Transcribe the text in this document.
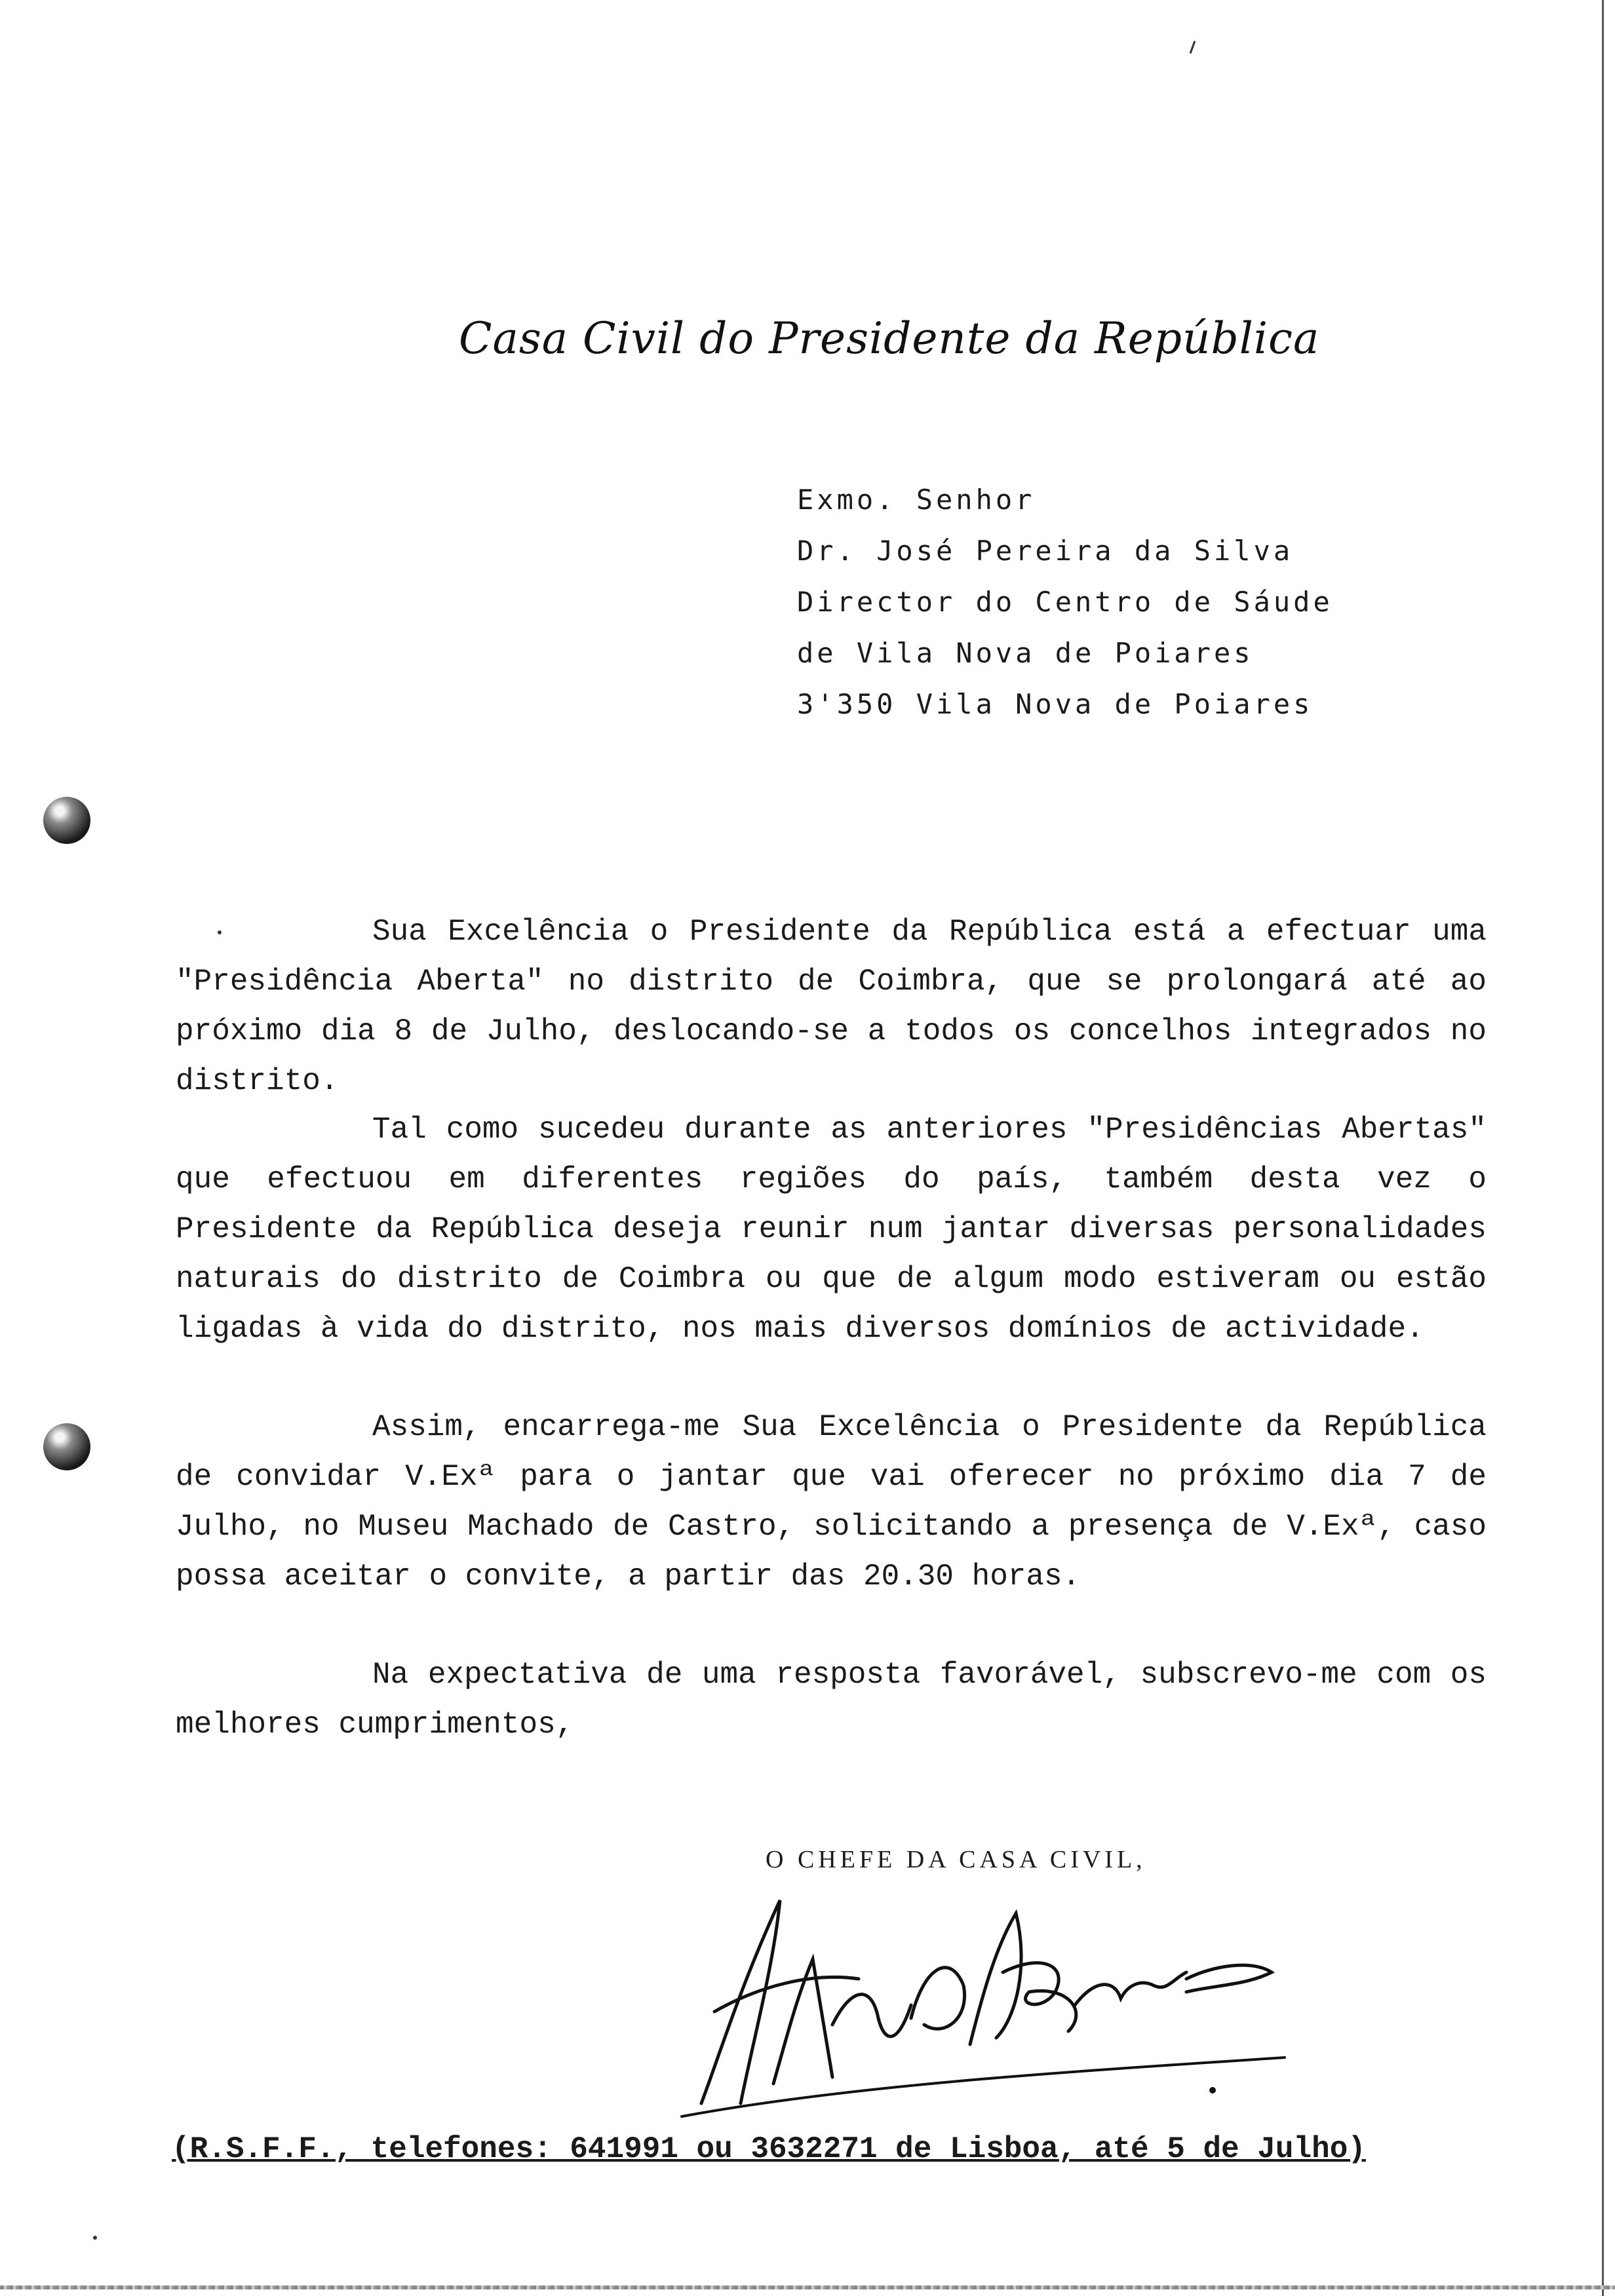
Casa Civil do Presidente da República
Exmo. Senhor
Dr. José Pereira da Silva
Director do Centro de Sáude
de Vila Nova de Poiares
3'350 Vila Nova de Poiares
Sua Excelência o Presidente da República está a efectuar uma "Presidência Aberta" no distrito de Coimbra, que se prolongará até ao próximo dia 8 de Julho, deslocando-se a todos os concelhos integrados no distrito.
Tal como sucedeu durante as anteriores "Presidências Abertas" que efectuou em diferentes regiões do país, também desta vez o Presidente da República deseja reunir num jantar diversas personalidades naturais do distrito de Coimbra ou que de algum modo estiveram ou estão ligadas à vida do distrito, nos mais diversos domínios de actividade.
Assim, encarrega-me Sua Excelência o Presidente da República de convidar V.Exª para o jantar que vai oferecer no próximo dia 7 de Julho, no Museu Machado de Castro, solicitando a presença de V.Exª, caso possa aceitar o convite, a partir das 20.30 horas.
Na expectativa de uma resposta favorável, subscrevo-me com os melhores cumprimentos,
O CHEFE DA CASA CIVIL,
(R.S.F.F., telefones: 641991 ou 3632271 de Lisboa, até 5 de Julho)
